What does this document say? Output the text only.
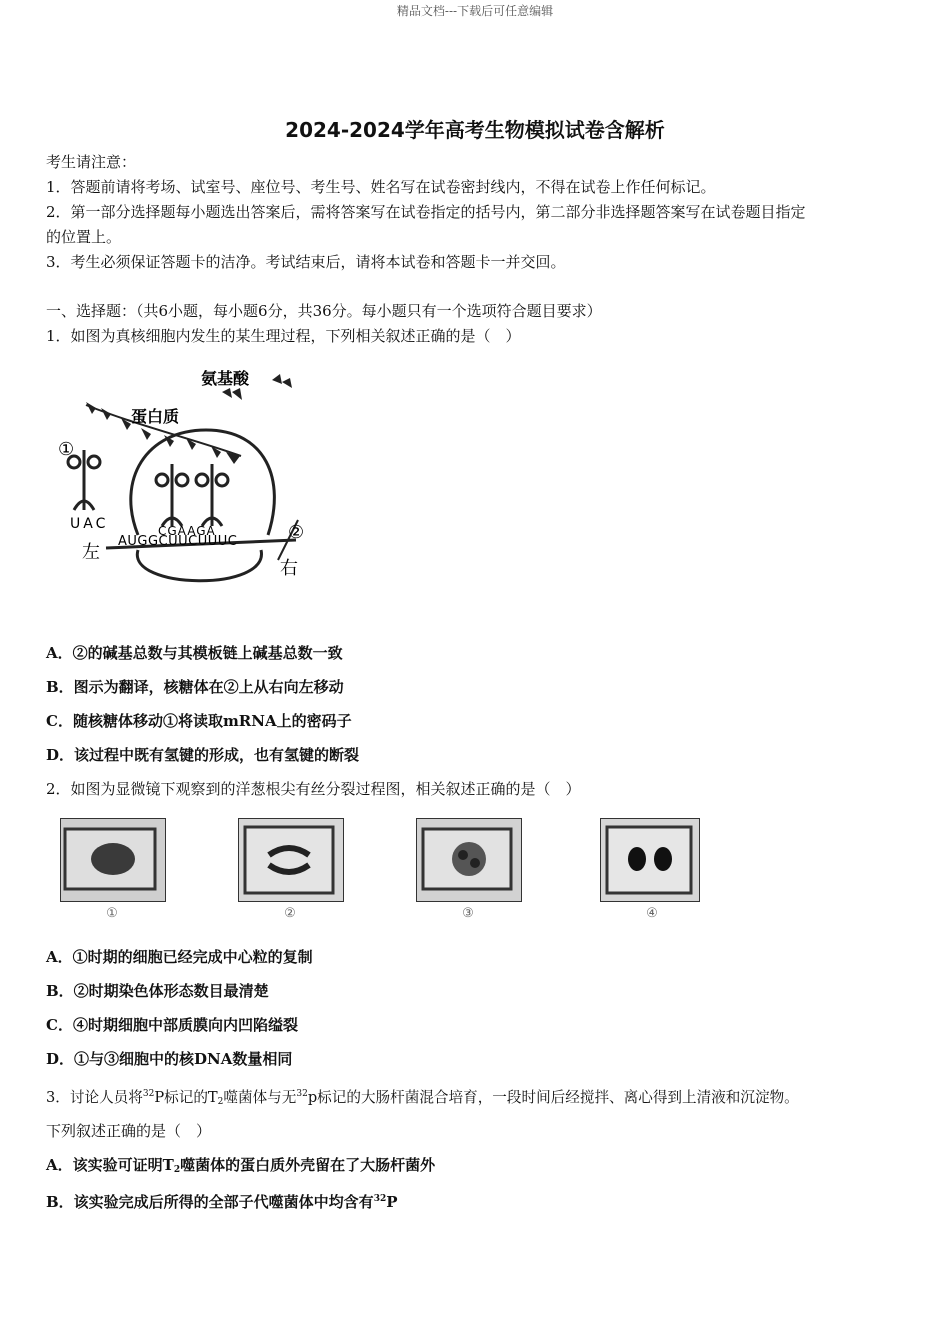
精品文档---下载后可任意编辑
2024-2024学年高考生物模拟试卷含解析
考生请注意：
1．答题前请将考场、试室号、座位号、考生号、姓名写在试卷密封线内，不得在试卷上作任何标记。
2．第一部分选择题每小题选出答案后，需将答案写在试卷指定的括号内，第二部分非选择题答案写在试卷题目指定
的位置上。
3．考生必须保证答题卡的洁净。考试结束后，请将本试卷和答题卡一并交回。
一、选择题：（共6小题，每小题6分，共36分。每小题只有一个选项符合题目要求）
1．如图为真核细胞内发生的某生理过程，下列相关叙述正确的是（　）
①
氨基酸
蛋白质
UAC	CGAAGA
AUGGCUUCUUUC
左
②
右
A．②的碱基总数与其模板链上碱基总数一致
B．图示为翻译，核糖体在②上从右向左移动
C．随核糖体移动①将读取mRNA上的密码子
D．该过程中既有氢键的形成，也有氢键的断裂
2．如图为显微镜下观察到的洋葱根尖有丝分裂过程图，相关叙述正确的是（　）
①	②	③	④
A．①时期的细胞已经完成中心粒的复制
B．②时期染色体形态数目最清楚
C．④时期细胞中部质膜向内凹陷缢裂
D．①与③细胞中的核DNA数量相同
3．讨论人员将$^{32}$P标记的$T_2$噬菌体与无$^{32}$p标记的大肠杆菌混合培育，一段时间后经搅拌、离心得到上清液和沉淀物。
下列叙述正确的是（　）
A．该实验可证明$T_2$噬菌体的蛋白质外壳留在了大肠杆菌外
B．该实验完成后所得的全部子代噬菌体中均含有$^{32}$P
